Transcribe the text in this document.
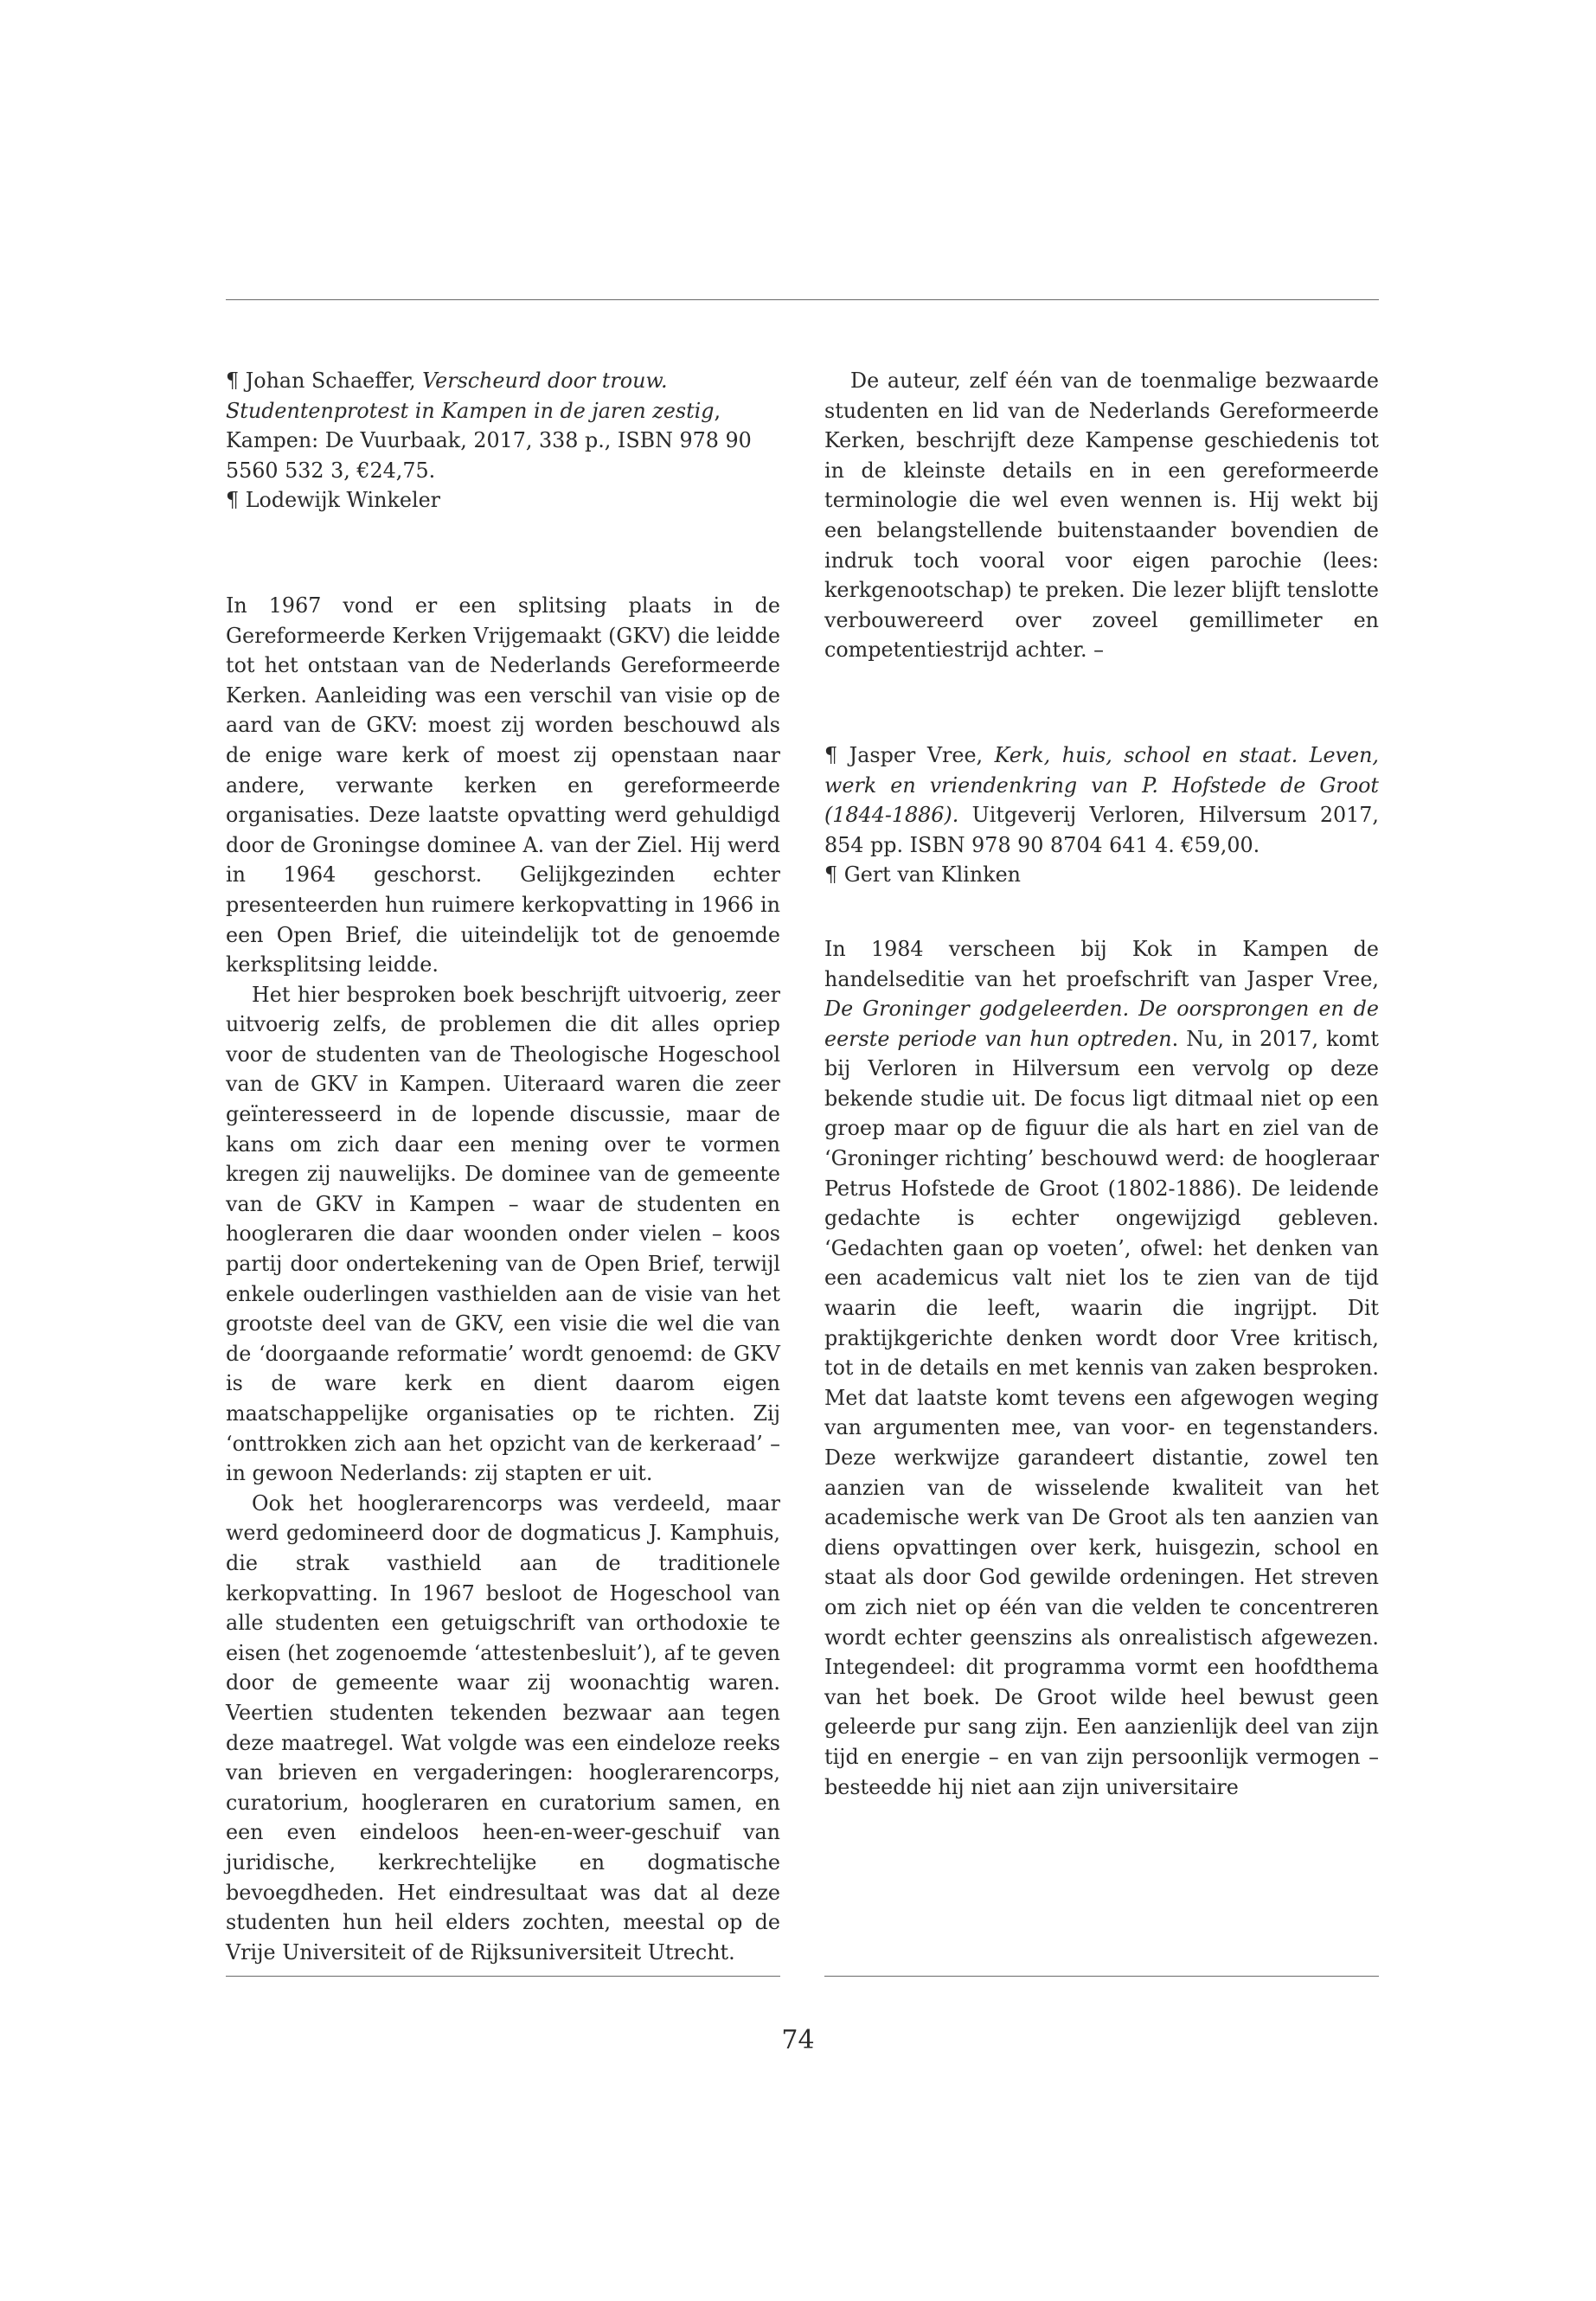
¶ Johan Schaeffer, Verscheurd door trouw. Studentenprotest in Kampen in de jaren zestig, Kampen: De Vuurbaak, 2017, 338 p., ISBN 978 90 5560 532 3, €24,75.

¶ Lodewijk Winkeler

In 1967 vond er een splitsing plaats in de Gereformeerde Kerken Vrijgemaakt (GKV) die leidde tot het ontstaan van de Nederlands Gereformeerde Kerken. Aanleiding was een verschil van visie op de aard van de GKV: moest zij worden beschouwd als de enige ware kerk of moest zij openstaan naar andere, verwante kerken en gereformeerde organisaties. Deze laatste opvatting werd gehuldigd door de Groningse dominee A. van der Ziel. Hij werd in 1964 geschorst. Gelijkgezinden echter presenteerden hun ruimere kerkopvatting in 1966 in een Open Brief, die uiteindelijk tot de genoemde kerksplitsing leidde.

Het hier besproken boek beschrijft uitvoerig, zeer uitvoerig zelfs, de problemen die dit alles opriep voor de studenten van de Theologische Hogeschool van de GKV in Kampen. Uiteraard waren die zeer geïnteresseerd in de lopende discussie, maar de kans om zich daar een mening over te vormen kregen zij nauwelijks. De dominee van de gemeente van de GKV in Kampen – waar de studenten en hoogleraren die daar woonden onder vielen – koos partij door ondertekening van de Open Brief, terwijl enkele ouderlingen vasthielden aan de visie van het grootste deel van de GKV, een visie die wel die van de ‘doorgaande reformatie’ wordt genoemd: de GKV is de ware kerk en dient daarom eigen maatschappelijke organisaties op te richten. Zij ‘onttrokken zich aan het opzicht van de kerkeraad’ – in gewoon Nederlands: zij stapten er uit.

Ook het hooglerarencorps was verdeeld, maar werd gedomineerd door de dogmaticus J. Kamphuis, die strak vasthield aan de traditionele kerkopvatting. In 1967 besloot de Hogeschool van alle studenten een getuigschrift van orthodoxie te eisen (het zogenoemde ‘attestenbesluit’), af te geven door de gemeente waar zij woonachtig waren. Veertien studenten tekenden bezwaar aan tegen deze maatregel. Wat volgde was een eindeloze reeks van brieven en vergaderingen: hooglerarencorps, curatorium, hoogleraren en curatorium samen, en een even eindeloos heen-en-weer-geschuif van juridische, kerkrechtelijke en dogmatische bevoegdheden. Het eindresultaat was dat al deze studenten hun heil elders zochten, meestal op de Vrije Universiteit of de Rijksuniversiteit Utrecht.

De auteur, zelf één van de toenmalige bezwaarde studenten en lid van de Nederlands Gereformeerde Kerken, beschrijft deze Kampense geschiedenis tot in de kleinste details en in een gereformeerde terminologie die wel even wennen is. Hij wekt bij een belangstellende buitenstaander bovendien de indruk toch vooral voor eigen parochie (lees: kerkgenootschap) te preken. Die lezer blijft tenslotte verbouwereerd over zoveel gemillimeter en competentiestrijd achter. –

¶ Jasper Vree, Kerk, huis, school en staat. Leven, werk en vriendenkring van P. Hofstede de Groot (1844-1886). Uitgeverij Verloren, Hilversum 2017, 854 pp. ISBN 978 90 8704 641 4. €59,00.

¶ Gert van Klinken

In 1984 verscheen bij Kok in Kampen de handelseditie van het proefschrift van Jasper Vree, De Groninger godgeleerden. De oorsprongen en de eerste periode van hun optreden. Nu, in 2017, komt bij Verloren in Hilversum een vervolg op deze bekende studie uit. De focus ligt ditmaal niet op een groep maar op de figuur die als hart en ziel van de ‘Groninger richting’ beschouwd werd: de hoogleraar Petrus Hofstede de Groot (1802-1886). De leidende gedachte is echter ongewijzigd gebleven. ‘Gedachten gaan op voeten’, ofwel: het denken van een academicus valt niet los te zien van de tijd waarin die leeft, waarin die ingrijpt. Dit praktijkgerichte denken wordt door Vree kritisch, tot in de details en met kennis van zaken besproken. Met dat laatste komt tevens een afgewogen weging van argumenten mee, van voor- en tegenstanders. Deze werkwijze garandeert distantie, zowel ten aanzien van de wisselende kwaliteit van het academische werk van De Groot als ten aanzien van diens opvattingen over kerk, huisgezin, school en staat als door God gewilde ordeningen. Het streven om zich niet op één van die velden te concentreren wordt echter geenszins als onrealistisch afgewezen. Integendeel: dit programma vormt een hoofdthema van het boek. De Groot wilde heel bewust geen geleerde pur sang zijn. Een aanzienlijk deel van zijn tijd en energie – en van zijn persoonlijk vermogen – besteedde hij niet aan zijn universitaire

74
